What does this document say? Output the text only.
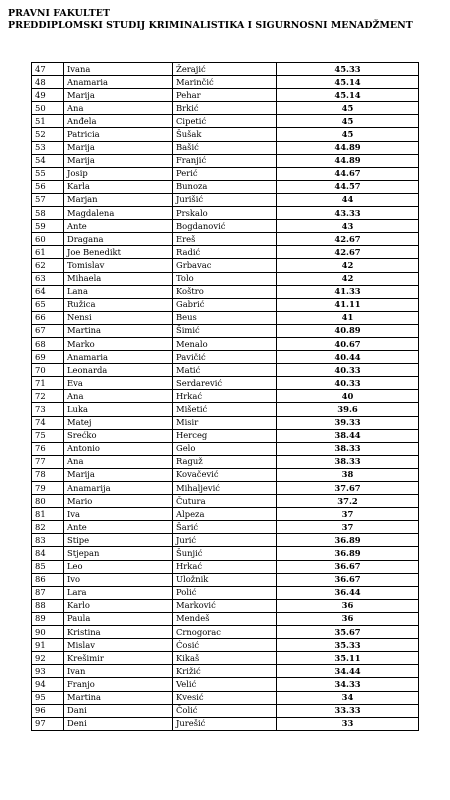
PRAVNI FAKULTET
PREDDIPLOMSKI STUDIJ KRIMINALISTIKA I SIGURNOSNI MENADŽMENT
47	Ivana	Žerajić	45.33
48	Anamaria	Marinčić	45.14
49	Marija	Pehar	45.14
50	Ana	Brkić	45
51	Anđela	Cipetić	45
52	Patricia	Šušak	45
53	Marija	Bašić	44.89
54	Marija	Franjić	44.89
55	Josip	Perić	44.67
56	Karla	Bunoza	44.57
57	Marjan	Jurišić	44
58	Magdalena	Prskalo	43.33
59	Ante	Bogdanović	43
60	Dragana	Ereš	42.67
61	Joe Benedikt	Radić	42.67
62	Tomislav	Grbavac	42
63	Mihaela	Tolo	42
64	Lana	Koštro	41.33
65	Ružica	Gabrić	41.11
66	Nensi	Beus	41
67	Martina	Šimić	40.89
68	Marko	Menalo	40.67
69	Anamaria	Pavičić	40.44
70	Leonarda	Matić	40.33
71	Eva	Serdarević	40.33
72	Ana	Hrkać	40
73	Luka	Mišetić	39.6
74	Matej	Misir	39.33
75	Srećko	Herceg	38.44
76	Antonio	Gelo	38.33
77	Ana	Raguž	38.33
78	Marija	Kovačević	38
79	Anamarija	Mihaljević	37.67
80	Mario	Čutura	37.2
81	Iva	Alpeza	37
82	Ante	Šarić	37
83	Stipe	Jurić	36.89
84	Stjepan	Šunjić	36.89
85	Leo	Hrkać	36.67
86	Ivo	Uložnik	36.67
87	Lara	Polić	36.44
88	Karlo	Marković	36
89	Paula	Mendeš	36
90	Kristina	Crnogorac	35.67
91	Mislav	Ćosić	35.33
92	Krešimir	Kikaš	35.11
93	Ivan	Križić	34.44
94	Franjo	Velić	34.33
95	Martina	Kvesić	34
96	Dani	Čolić	33.33
97	Deni	Jurešić	33
